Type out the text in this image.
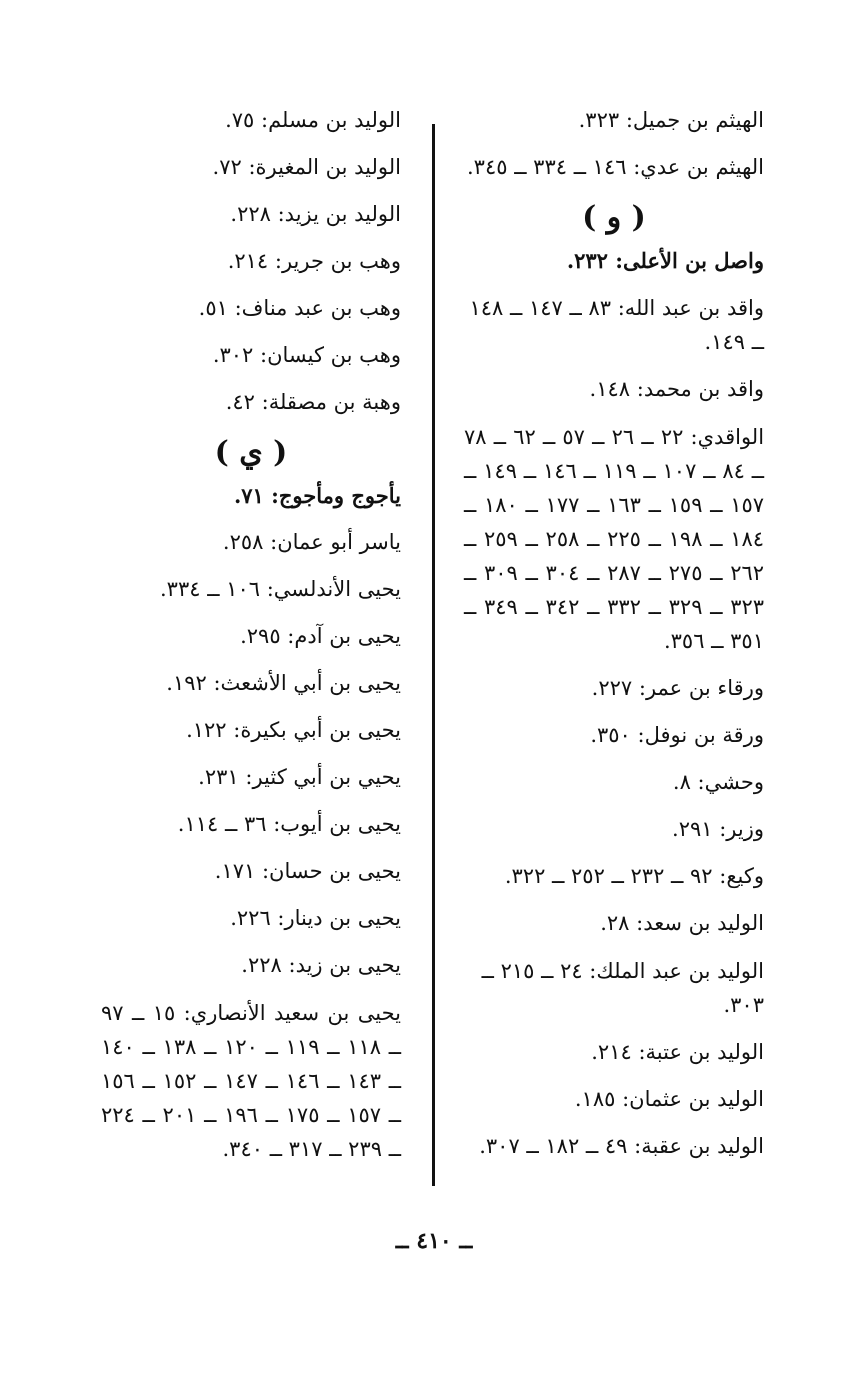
الهيثم بن جميل: ٣٢٣.

الهيثم بن عدي: ١٤٦ ــ ٣٣٤ ــ ٣٤٥.

( و )

واصل بن الأعلى: ٢٣٢.

واقد بن عبد الله: ٨٣ ــ ١٤٧ ــ ١٤٨ ــ ١٤٩.

واقد بن محمد: ١٤٨.

الواقدي: ٢٢ ــ ٢٦ ــ ٥٧ ــ ٦٢ ــ ٧٨ ــ ٨٤ ــ ١٠٧ ــ ١١٩ ــ ١٤٦ ــ ١٤٩ ــ ١٥٧ ــ ١٥٩ ــ ١٦٣ ــ ١٧٧ ــ ١٨٠ ــ ١٨٤ ــ ١٩٨ ــ ٢٢٥ ــ ٢٥٨ ــ ٢٥٩ ــ ٢٦٢ ــ ٢٧٥ ــ ٢٨٧ ــ ٣٠٤ ــ ٣٠٩ ــ ٣٢٣ ــ ٣٢٩ ــ ٣٣٢ ــ ٣٤٢ ــ ٣٤٩ ــ ٣٥١ ــ ٣٥٦.

ورقاء بن عمر: ٢٢٧.

ورقة بن نوفل: ٣٥٠.

وحشي: ٨.

وزير: ٢٩١.

وكيع: ٩٢ ــ ٢٣٢ ــ ٢٥٢ ــ ٣٢٢.

الوليد بن سعد: ٢٨.

الوليد بن عبد الملك: ٢٤ ــ ٢١٥ ــ ٣٠٣.

الوليد بن عتبة: ٢١٤.

الوليد بن عثمان: ١٨٥.

الوليد بن عقبة: ٤٩ ــ ١٨٢ ــ ٣٠٧.

الوليد بن مسلم: ٧٥.

الوليد بن المغيرة: ٧٢.

الوليد بن يزيد: ٢٢٨.

وهب بن جرير: ٢١٤.

وهب بن عبد مناف: ٥١.

وهب بن كيسان: ٣٠٢.

وهبة بن مصقلة: ٤٢.

( ي )

يأجوج ومأجوج: ٧١.

ياسر أبو عمان: ٢٥٨.

يحيى الأندلسي: ١٠٦ ــ ٣٣٤.

يحيى بن آدم: ٢٩٥.

يحيى بن أبي الأشعث: ١٩٢.

يحيى بن أبي بكيرة: ١٢٢.

يحيي بن أبي كثير: ٢٣١.

يحيى بن أيوب: ٣٦ ــ ١١٤.

يحيى بن حسان: ١٧١.

يحيى بن دينار: ٢٢٦.

يحيى بن زيد: ٢٢٨.

يحيى بن سعيد الأنصاري: ١٥ ــ ٩٧ ــ ١١٨ ــ ١١٩ ــ ١٢٠ ــ ١٣٨ ــ ١٤٠ ــ ١٤٣ ــ ١٤٦ ــ ١٤٧ ــ ١٥٢ ــ ١٥٦ ــ ١٥٧ ــ ١٧٥ ــ ١٩٦ ــ ٢٠١ ــ ٢٢٤ ــ ٢٣٩ ــ ٣١٧ ــ ٣٤٠.

ــ ٤١٠ ــ
